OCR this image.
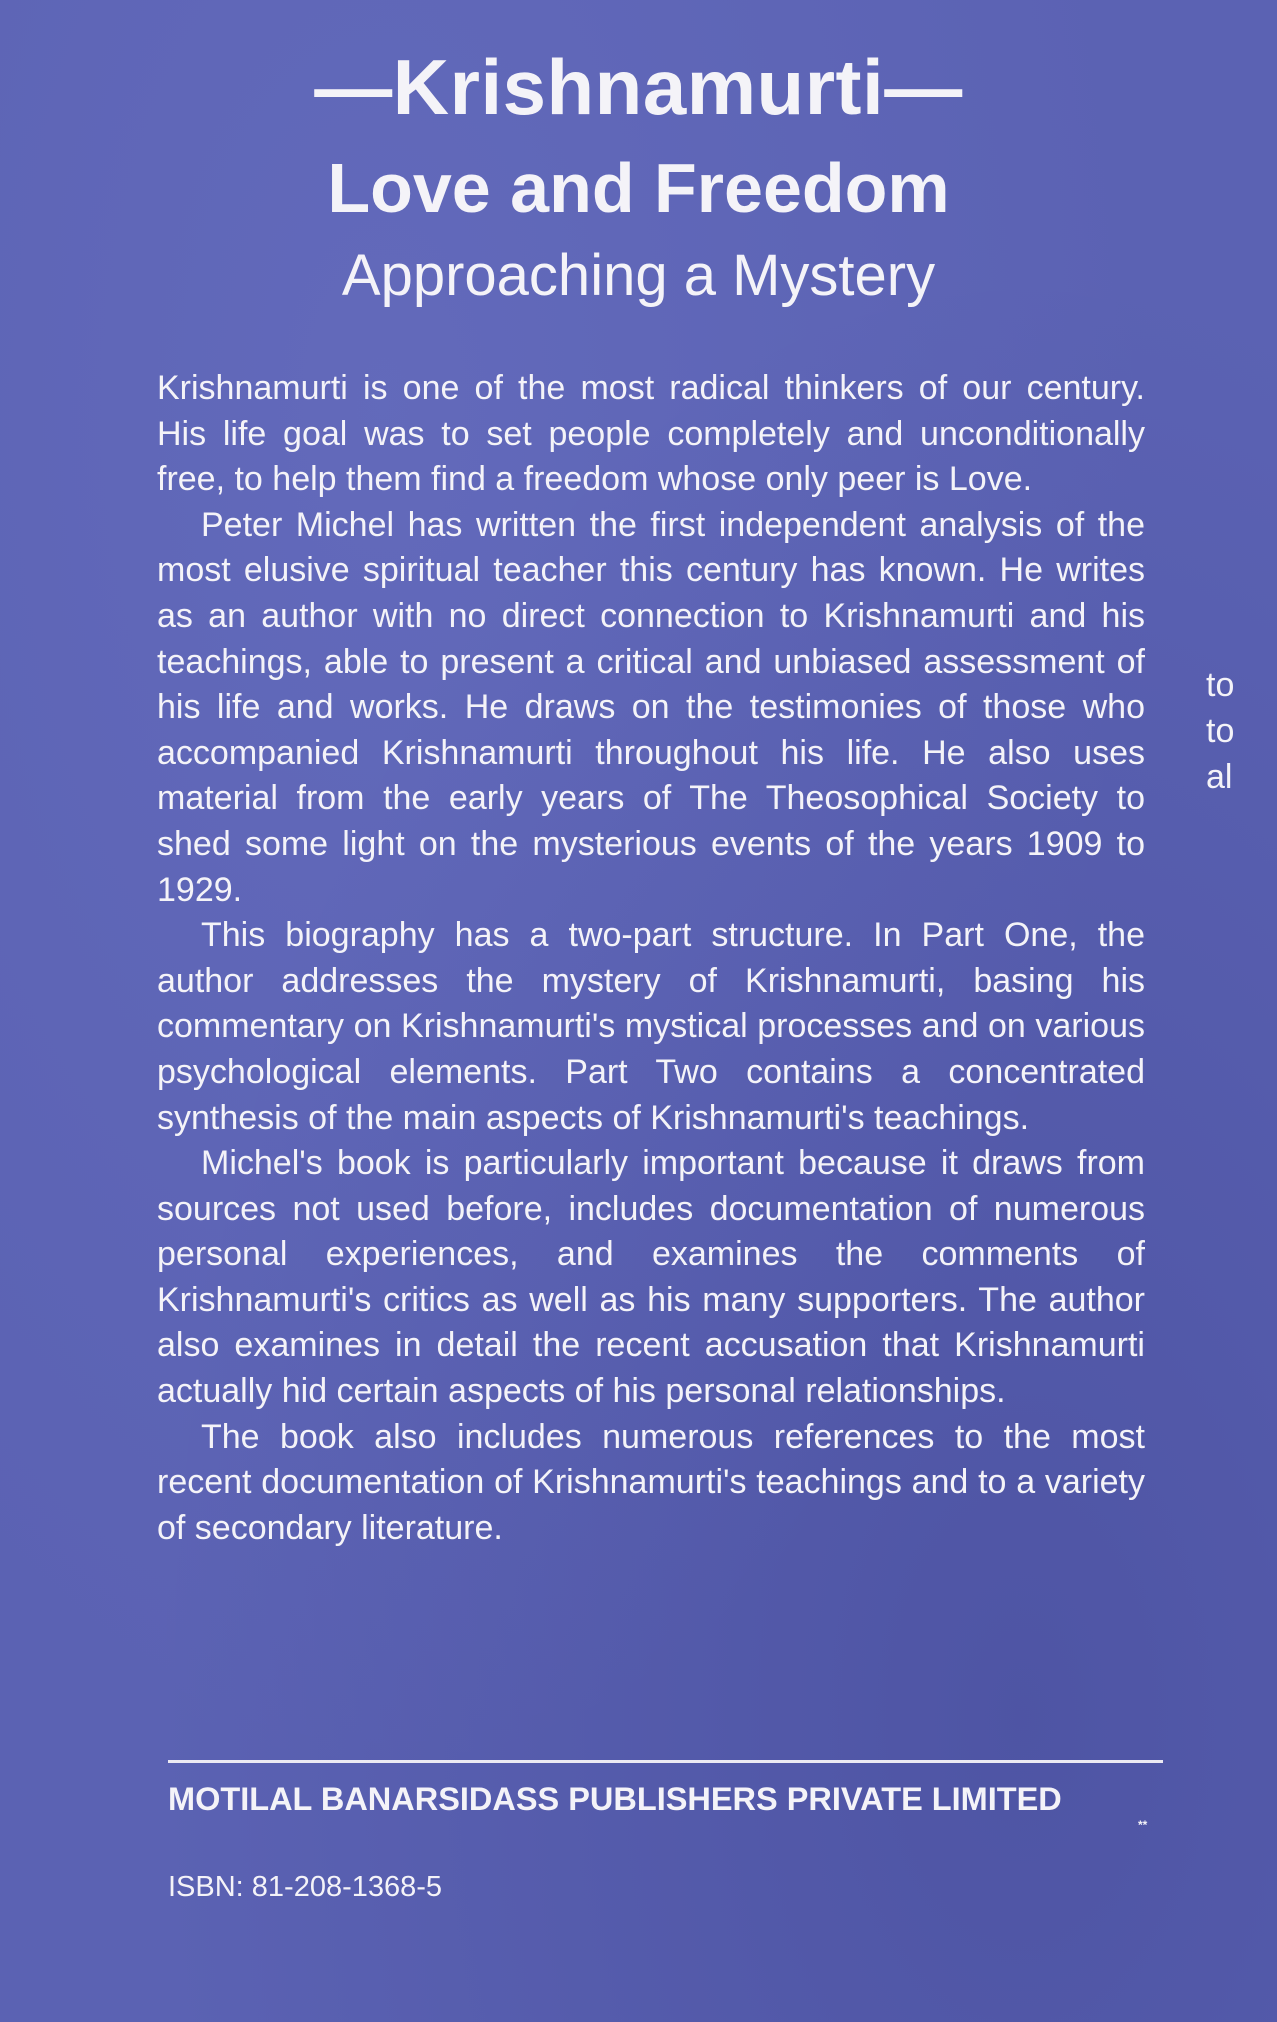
—Krishnamurti—
Love and Freedom
Approaching a Mystery

Krishnamurti is one of the most radical thinkers of our century. His life goal was to set people completely and unconditionally free, to help them find a freedom whose only peer is Love.

Peter Michel has written the first independent analysis of the most elusive spiritual teacher this century has known. He writes as an author with no direct connection to Krishnamurti and his teachings, able to present a critical and unbiased assessment of his life and works. He draws on the testimonies of those who accompanied Krishnamurti throughout his life. He also uses material from the early years of The Theosophical Society to shed some light on the mysterious events of the years 1909 to 1929.

This biography has a two-part structure. In Part One, the author addresses the mystery of Krishnamurti, basing his commentary on Krishnamurti's mystical processes and on various psychological elements. Part Two contains a concentrated synthesis of the main aspects of Krishnamurti's teachings.

Michel's book is particularly important because it draws from sources not used before, includes documentation of numerous personal experiences, and examines the comments of Krishnamurti's critics as well as his many supporters. The author also examines in detail the recent accusation that Krishnamurti actually hid certain aspects of his personal relationships.

The book also includes numerous references to the most recent documentation of Krishnamurti's teachings and to a variety of secondary literature.

to
to
al
MOTILAL BANARSIDASS PUBLISHERS PRIVATE LIMITED
**
ISBN: 81-208-1368-5
